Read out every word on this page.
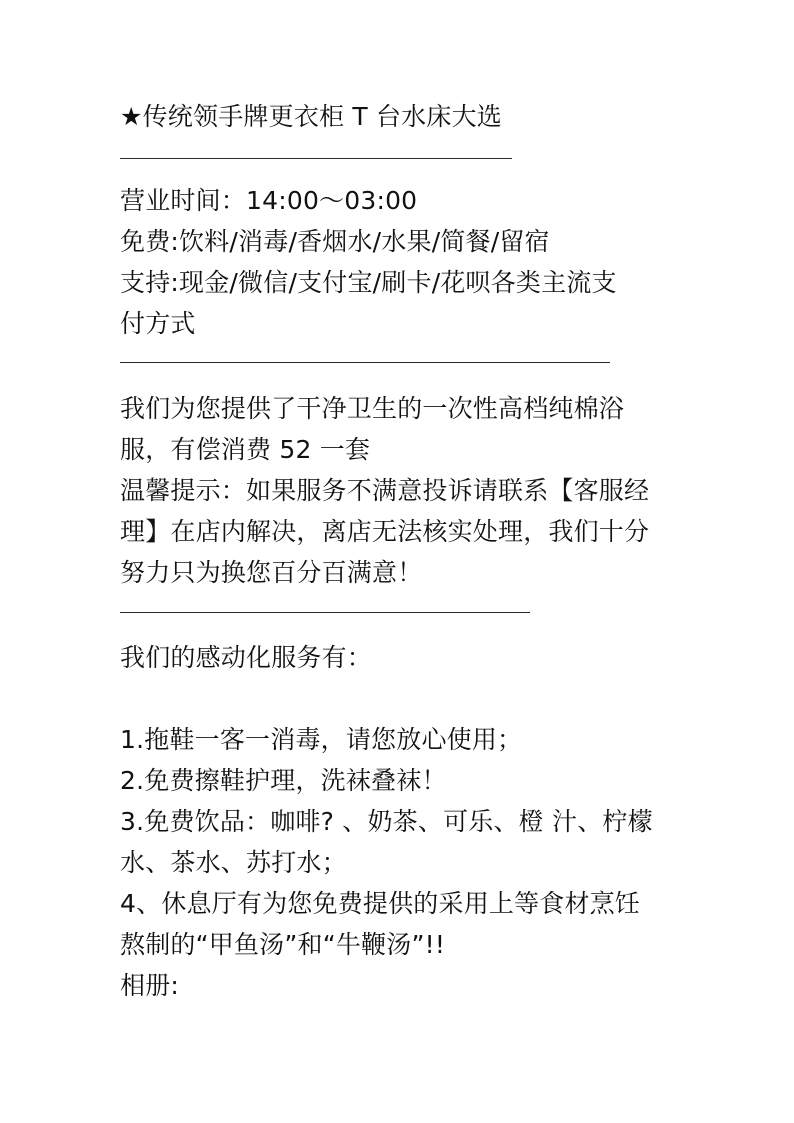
★传统领手牌更衣柜 T 台水床大选
营业时间：14:00～03:00
免费:饮料/消毒/香烟水/水果/简餐/留宿
支持:现金/微信/支付宝/刷卡/花呗各类主流支
付方式
我们为您提供了干净卫生的一次性高档纯棉浴
服，有偿消费 52 一套
温馨提示：如果服务不满意投诉请联系【客服经
理】在店内解决，离店无法核实处理，我们十分
努力只为换您百分百满意！
我们的感动化服务有：
1.拖鞋一客一消毒，请您放心使用；
2.免费擦鞋护理，洗袜叠袜！
3.免费饮品：咖啡? 、奶茶、可乐、橙 汁、柠檬
水、茶水、苏打水；
4、休息厅有为您免费提供的采用上等食材烹饪
熬制的“甲鱼汤”和“牛鞭汤”!!
相册:
